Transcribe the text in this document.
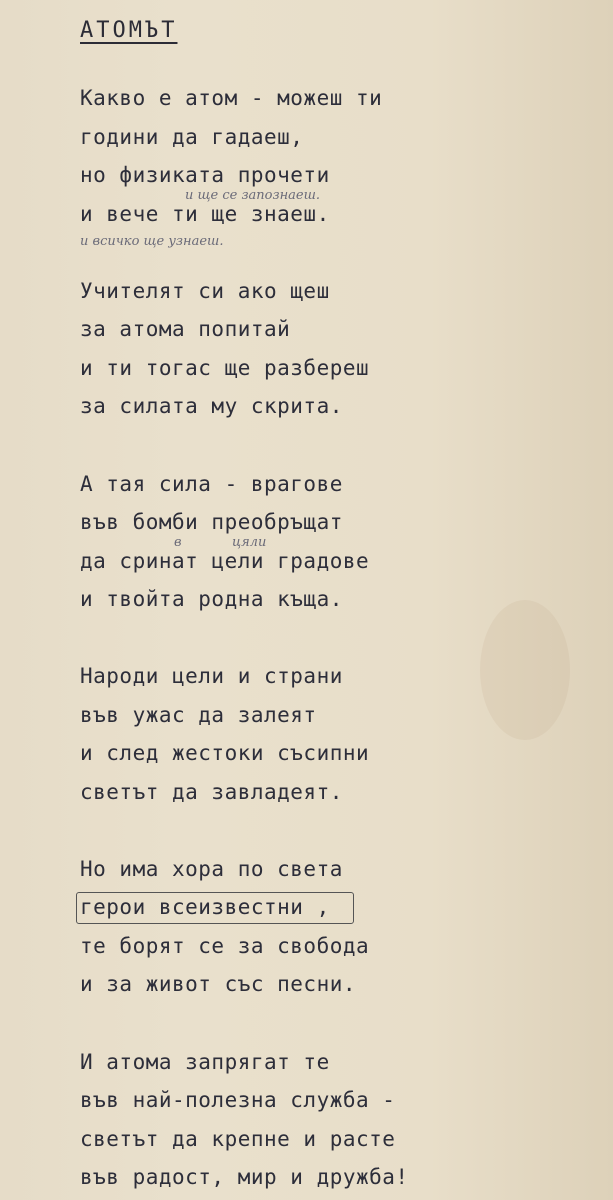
АТОМЪТ
Какво е атом - можеш ти
години да гадаеш,
но физиката прочети
и ще се запознаеш.
и вече ти ще знаеш.
и всичко ще узнаеш.
Учителят си ако щеш
за атома попитай
и ти тогас ще разбереш
за силата му скрита.
А тая сила - врагове
във бомби преобръщат
в	цяли
да сринат цели градове
и твойта родна къща.
Народи цели и страни
във ужас да залеят
и след жестоки съсипни
светът да завладеят.
Но има хора по света
герои всеизвестни ,
те борят се за свобода
и за живот със песни.
И атома запрягат те
във най-полезна служба -
светът да крепне и расте
във радост, мир и дружба!
